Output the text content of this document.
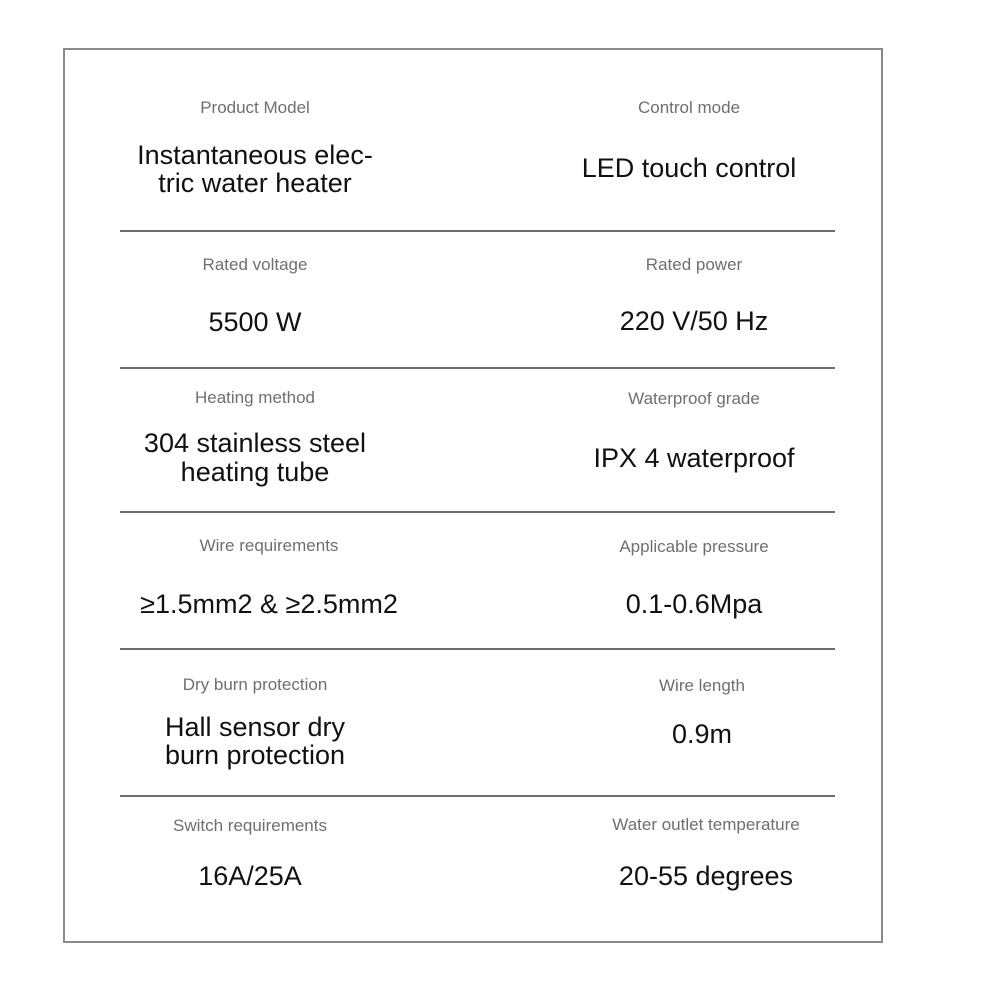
Product Model
Instantaneous elec-
tric water heater
Control mode
LED touch control
Rated voltage
5500 W
Rated power
220 V/50 Hz
Heating method
304 stainless steel
heating tube
Waterproof grade
IPX 4 waterproof
Wire requirements
≥1.5mm2 & ≥2.5mm2
Applicable pressure
0.1-0.6Mpa
Dry burn protection
Hall sensor dry
burn protection
Wire length
0.9m
Switch requirements
16A/25A
Water outlet temperature
20-55 degrees
